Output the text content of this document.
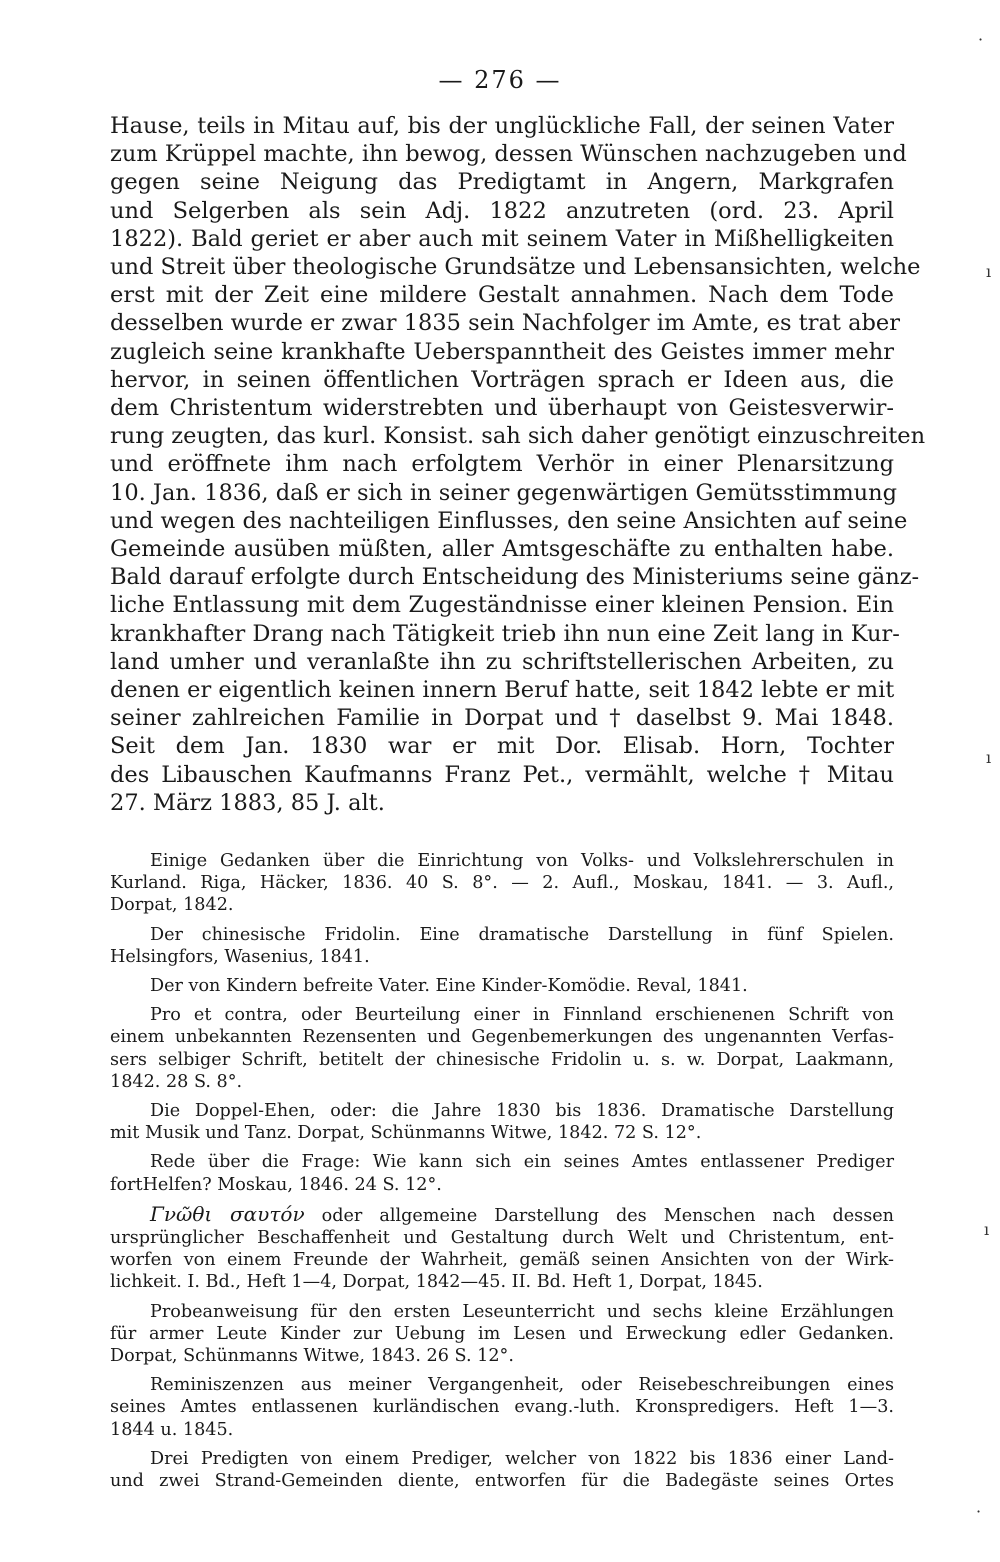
— 276 —
Hause, teils in Mitau auf, bis der unglückliche Fall, der seinen Vater
zum Krüppel machte, ihn bewog, dessen Wünschen nachzugeben und
gegen seine Neigung das Predigtamt in Angern, Markgrafen
und Selgerben als sein Adj. 1822 anzutreten (ord. 23. April
1822). Bald geriet er aber auch mit seinem Vater in Mißhelligkeiten
und Streit über theologische Grundsätze und Lebensansichten, welche
erst mit der Zeit eine mildere Gestalt annahmen. Nach dem Tode
desselben wurde er zwar 1835 sein Nachfolger im Amte, es trat aber
zugleich seine krankhafte Ueberspanntheit des Geistes immer mehr
hervor, in seinen öffentlichen Vorträgen sprach er Ideen aus, die
dem Christentum widerstrebten und überhaupt von Geistesverwir-
rung zeugten, das kurl. Konsist. sah sich daher genötigt einzuschreiten
und eröffnete ihm nach erfolgtem Verhör in einer Plenarsitzung
10. Jan. 1836, daß er sich in seiner gegenwärtigen Gemütsstimmung
und wegen des nachteiligen Einflusses, den seine Ansichten auf seine
Gemeinde ausüben müßten, aller Amtsgeschäfte zu enthalten habe.
Bald darauf erfolgte durch Entscheidung des Ministeriums seine gänz-
liche Entlassung mit dem Zugeständnisse einer kleinen Pension. Ein
krankhafter Drang nach Tätigkeit trieb ihn nun eine Zeit lang in Kur-
land umher und veranlaßte ihn zu schriftstellerischen Arbeiten, zu
denen er eigentlich keinen innern Beruf hatte, seit 1842 lebte er mit
seiner zahlreichen Familie in Dorpat und † daselbst 9. Mai 1848.
Seit dem Jan. 1830 war er mit Dor. Elisab. Horn, Tochter
des Libauschen Kaufmanns Franz Pet., vermählt, welche † Mitau
27. März 1883, 85 J. alt.
Einige Gedanken über die Einrichtung von Volks- und Volkslehrerschulen in
Kurland. Riga, Häcker, 1836. 40 S. 8°. — 2. Aufl., Moskau, 1841. — 3. Aufl.,
Dorpat, 1842.
Der chinesische Fridolin. Eine dramatische Darstellung in fünf Spielen.
Helsingfors, Wasenius, 1841.
Der von Kindern befreite Vater. Eine Kinder-Komödie. Reval, 1841.
Pro et contra, oder Beurteilung einer in Finnland erschienenen Schrift von
einem unbekannten Rezensenten und Gegenbemerkungen des ungenannten Verfas-
sers selbiger Schrift, betitelt der chinesische Fridolin u. s. w. Dorpat, Laakmann,
1842. 28 S. 8°.
Die Doppel-Ehen, oder: die Jahre 1830 bis 1836. Dramatische Darstellung
mit Musik und Tanz. Dorpat, Schünmanns Witwe, 1842. 72 S. 12°.
Rede über die Frage: Wie kann sich ein seines Amtes entlassener Prediger
fortHelfen? Moskau, 1846. 24 S. 12°.
Γνῶθι σαυτόν oder allgemeine Darstellung des Menschen nach dessen
ursprünglicher Beschaffenheit und Gestaltung durch Welt und Christentum, ent-
worfen von einem Freunde der Wahrheit, gemäß seinen Ansichten von der Wirk-
lichkeit. I. Bd., Heft 1—4, Dorpat, 1842—45. II. Bd. Heft 1, Dorpat, 1845.
Probeanweisung für den ersten Leseunterricht und sechs kleine Erzählungen
für armer Leute Kinder zur Uebung im Lesen und Erweckung edler Gedanken.
Dorpat, Schünmanns Witwe, 1843. 26 S. 12°.
Reminiszenzen aus meiner Vergangenheit, oder Reisebeschreibungen eines
seines Amtes entlassenen kurländischen evang.-luth. Kronspredigers. Heft 1—3.
1844 u. 1845.
Drei Predigten von einem Prediger, welcher von 1822 bis 1836 einer Land-
und zwei Strand-Gemeinden diente, entworfen für die Badegäste seines Ortes
·
ı
ı
ı
·
